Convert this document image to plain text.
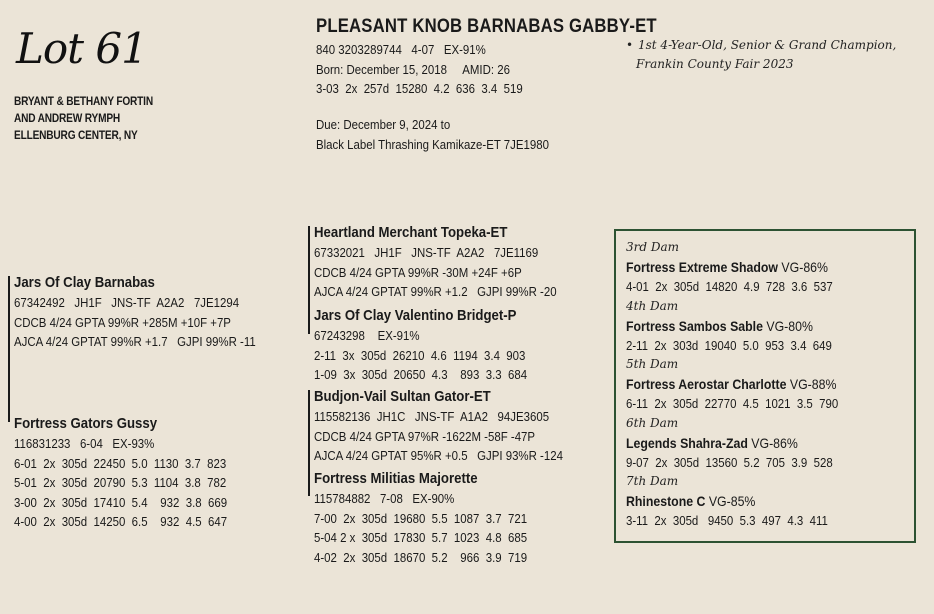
Lot 61
BRYANT & BETHANY FORTIN
AND ANDREW RYMPH
ELLENBURG CENTER, NY
PLEASANT KNOB BARNABAS GABBY-ET
840 3203289744   4-07   EX-91%
Born: December 15, 2018     AMID: 26
3-03  2x  257d  15280  4.2  636  3.4  519
Due: December 9, 2024 to
Black Label Thrashing Kamikaze-ET 7JE1980
• 1st 4-Year-Old, Senior & Grand Champion,
Frankin County Fair 2023
Jars Of Clay Barnabas
67342492   JH1F   JNS-TF  A2A2   7JE1294
CDCB 4/24 GPTA 99%R +285M +10F +7P
AJCA 4/24 GPTAT 99%R +1.7   GJPI 99%R -11
Fortress Gators Gussy
116831233   6-04   EX-93%
6-01  2x  305d  22450  5.0  1130  3.7  823
5-01  2x  305d  20790  5.3  1104  3.8  782
3-00  2x  305d  17410  5.4    932  3.8  669
4-00  2x  305d  14250  6.5    932  4.5  647
Heartland Merchant Topeka-ET
67332021   JH1F   JNS-TF  A2A2   7JE1169
CDCB 4/24 GPTA 99%R -30M +24F +6P
AJCA 4/24 GPTAT 99%R +1.2   GJPI 99%R -20
Jars Of Clay Valentino Bridget-P
67243298    EX-91%
2-11  3x  305d  26210  4.6  1194  3.4  903
1-09  3x  305d  20650  4.3    893  3.3  684
Budjon-Vail Sultan Gator-ET
115582136  JH1C   JNS-TF  A1A2   94JE3605
CDCB 4/24 GPTA 97%R -1622M -58F -47P
AJCA 4/24 GPTAT 95%R +0.5   GJPI 93%R -124
Fortress Militias Majorette
115784882   7-08   EX-90%
7-00  2x  305d  19680  5.5  1087  3.7  721
5-04 2 x  305d  17830  5.7  1023  4.8  685
4-02  2x  305d  18670  5.2    966  3.9  719
3rd Dam
Fortress Extreme Shadow VG-86%
4-01  2x  305d  14820  4.9  728  3.6  537
4th Dam
Fortress Sambos Sable VG-80%
2-11  2x  303d  19040  5.0  953  3.4  649
5th Dam
Fortress Aerostar Charlotte VG-88%
6-11  2x  305d  22770  4.5  1021  3.5  790
6th Dam
Legends Shahra-Zad VG-86%
9-07  2x  305d  13560  5.2  705  3.9  528
7th Dam
Rhinestone C VG-85%
3-11  2x  305d   9450  5.3  497  4.3  411
